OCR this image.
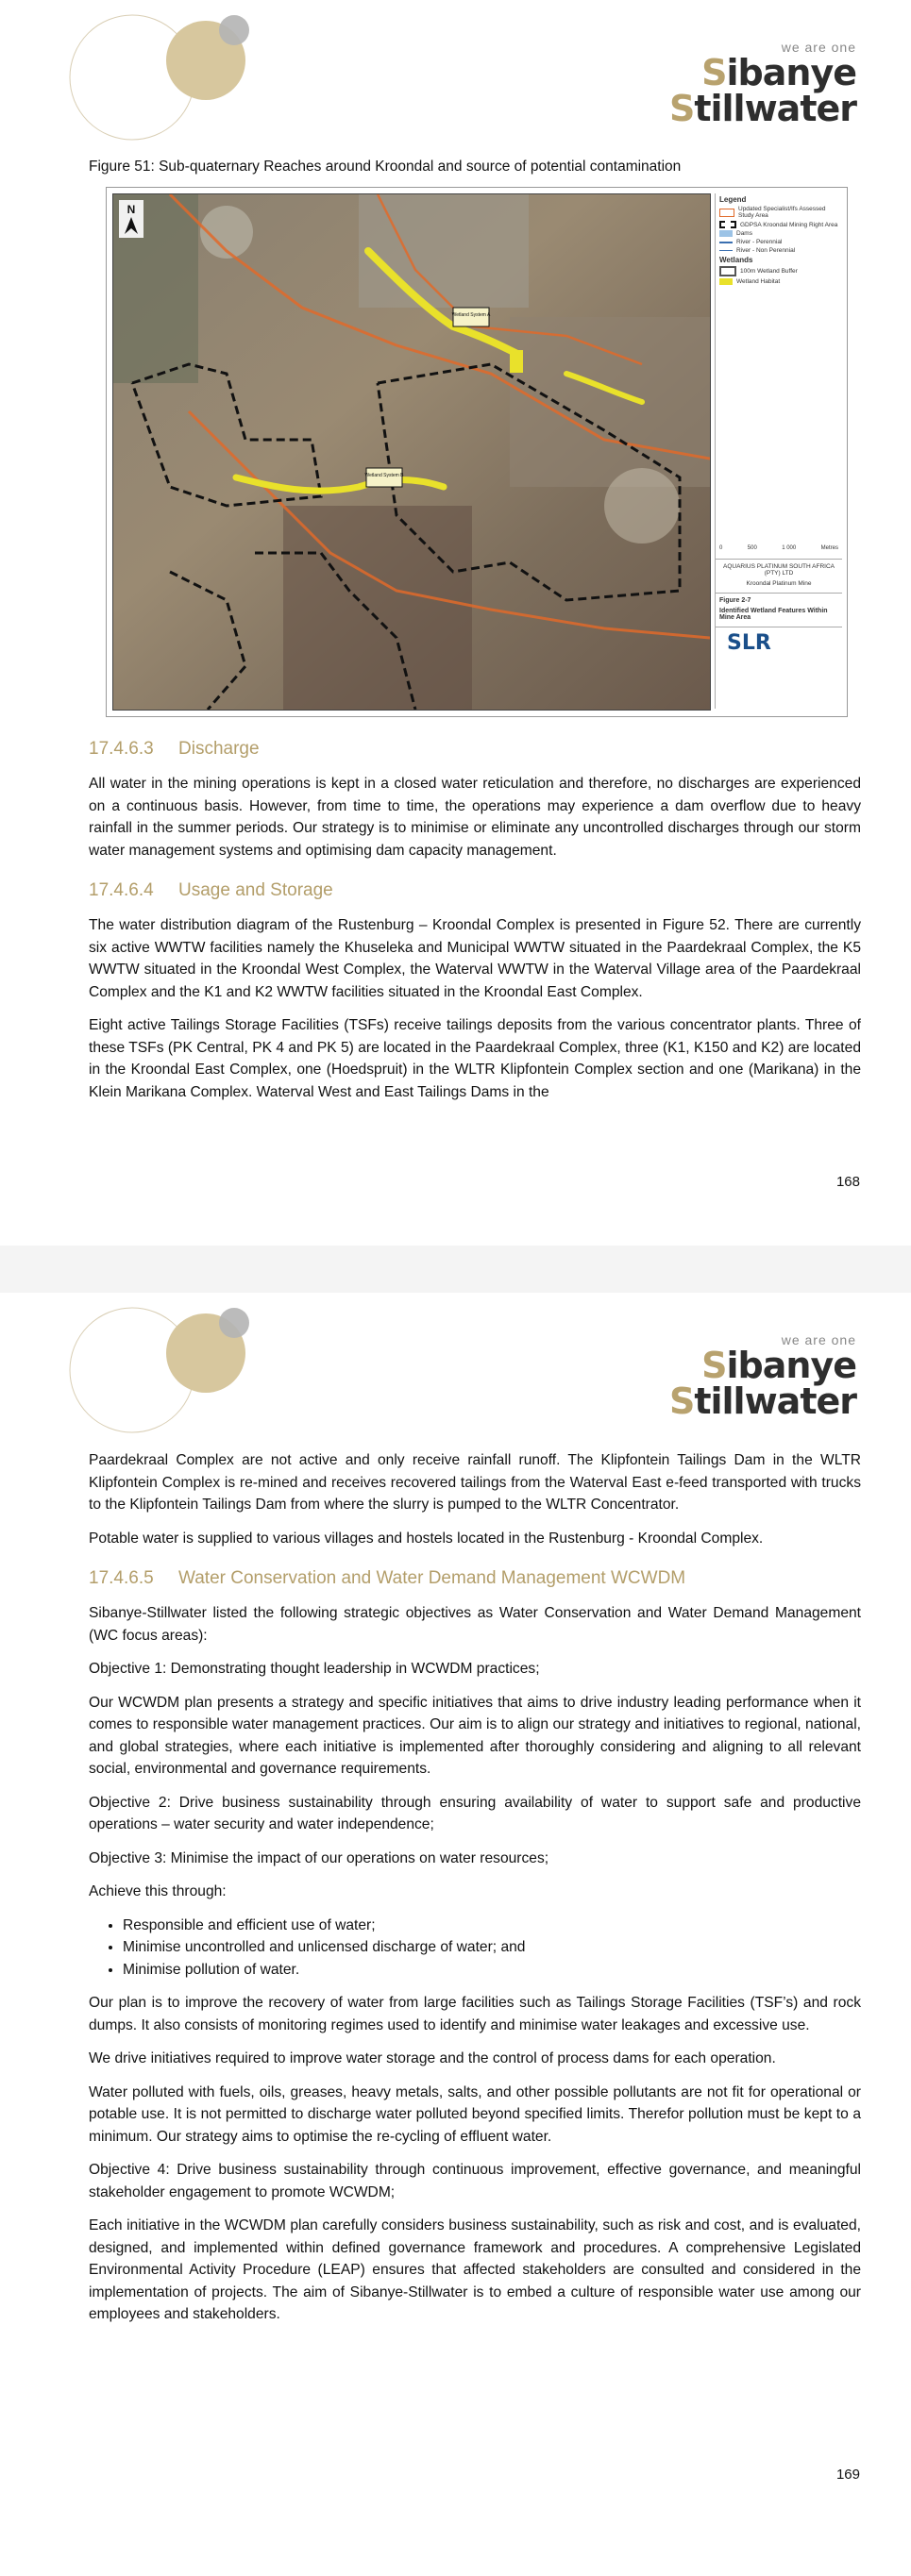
we are one
Sibanye
Stillwater

Figure 51: Sub-quaternary Reaches around Kroondal and source of potential contamination

Wetland System A
Wetland System B
N
Legend
Updated Specialist/Ifs Assessed Study Area
GDPSA Kroondal Mining Right Area
Dams
River - Perennial
River - Non Perennial
Wetlands
100m Wetland Buffer
Wetland Habitat
0	500	1 000	Metres
AQUARIUS PLATINUM SOUTH AFRICA (PTY) LTD
Kroondal Platinum Mine
Figure 2-7
Identified Wetland Features Within Mine Area
SLR
17.4.6.3 Discharge

All water in the mining operations is kept in a closed water reticulation and therefore, no discharges are experienced on a continuous basis. However, from time to time, the operations may experience a dam overflow due to heavy rainfall in the summer periods. Our strategy is to minimise or eliminate any uncontrolled discharges through our storm water management systems and optimising dam capacity management.

17.4.6.4 Usage and Storage

The water distribution diagram of the Rustenburg – Kroondal Complex is presented in Figure 52. There are currently six active WWTW facilities namely the Khuseleka and Municipal WWTW situated in the Paardekraal Complex, the K5 WWTW situated in the Kroondal West Complex, the Waterval WWTW in the Waterval Village area of the Paardekraal Complex and the K1 and K2 WWTW facilities situated in the Kroondal East Complex.

Eight active Tailings Storage Facilities (TSFs) receive tailings deposits from the various concentrator plants. Three of these TSFs (PK Central, PK 4 and PK 5) are located in the Paardekraal Complex, three (K1, K150 and K2) are located in the Kroondal East Complex, one (Hoedspruit) in the WLTR Klipfontein Complex section and one (Marikana) in the Klein Marikana Complex. Waterval West and East Tailings Dams in the

168
we are one
Sibanye
Stillwater

Paardekraal Complex are not active and only receive rainfall runoff. The Klipfontein Tailings Dam in the WLTR Klipfontein Complex is re-mined and receives recovered tailings from the Waterval East e-feed transported with trucks to the Klipfontein Tailings Dam from where the slurry is pumped to the WLTR Concentrator.

Potable water is supplied to various villages and hostels located in the Rustenburg - Kroondal Complex.

17.4.6.5 Water Conservation and Water Demand Management WCWDM

Sibanye-Stillwater listed the following strategic objectives as Water Conservation and Water Demand Management (WC focus areas):

Objective 1: Demonstrating thought leadership in WCWDM practices;

Our WCWDM plan presents a strategy and specific initiatives that aims to drive industry leading performance when it comes to responsible water management practices. Our aim is to align our strategy and initiatives to regional, national, and global strategies, where each initiative is implemented after thoroughly considering and aligning to all relevant social, environmental and governance requirements.

Objective 2: Drive business sustainability through ensuring availability of water to support safe and productive operations – water security and water independence;

Objective 3: Minimise the impact of our operations on water resources;

Achieve this through:

• Responsible and efficient use of water;
• Minimise uncontrolled and unlicensed discharge of water; and
• Minimise pollution of water.

Our plan is to improve the recovery of water from large facilities such as Tailings Storage Facilities (TSF’s) and rock dumps. It also consists of monitoring regimes used to identify and minimise water leakages and excessive use.

We drive initiatives required to improve water storage and the control of process dams for each operation.

Water polluted with fuels, oils, greases, heavy metals, salts, and other possible pollutants are not fit for operational or potable use. It is not permitted to discharge water polluted beyond specified limits. Therefor pollution must be kept to a minimum. Our strategy aims to optimise the re-cycling of effluent water.

Objective 4: Drive business sustainability through continuous improvement, effective governance, and meaningful stakeholder engagement to promote WCWDM;

Each initiative in the WCWDM plan carefully considers business sustainability, such as risk and cost, and is evaluated, designed, and implemented within defined governance framework and procedures. A comprehensive Legislated Environmental Activity Procedure (LEAP) ensures that affected stakeholders are consulted and considered in the implementation of projects. The aim of Sibanye-Stillwater is to embed a culture of responsible water use among our employees and stakeholders.

169
